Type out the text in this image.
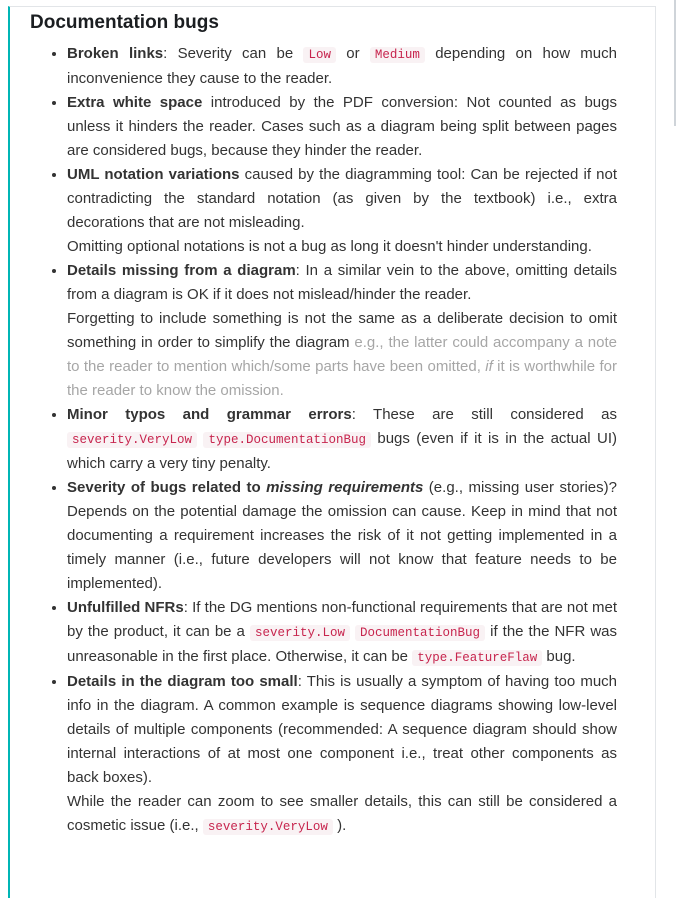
Documentation bugs
• Broken links: Severity can be Low or Medium depending on how much inconvenience they cause to the reader.
• Extra white space introduced by the PDF conversion: Not counted as bugs unless it hinders the reader. Cases such as a diagram being split between pages are considered bugs, because they hinder the reader.
• UML notation variations caused by the diagramming tool: Can be rejected if not contradicting the standard notation (as given by the textbook) i.e., extra decorations that are not misleading.
Omitting optional notations is not a bug as long it doesn't hinder understanding.
• Details missing from a diagram: In a similar vein to the above, omitting details from a diagram is OK if it does not mislead/hinder the reader.
Forgetting to include something is not the same as a deliberate decision to omit something in order to simplify the diagram e.g., the latter could accompany a note to the reader to mention which/some parts have been omitted, if it is worthwhile for the reader to know the omission.
• Minor typos and grammar errors: These are still considered as severity.VeryLow type.DocumentationBug bugs (even if it is in the actual UI) which carry a very tiny penalty.
• Severity of bugs related to missing requirements (e.g., missing user stories)? Depends on the potential damage the omission can cause. Keep in mind that not documenting a requirement increases the risk of it not getting implemented in a timely manner (i.e., future developers will not know that feature needs to be implemented).
• Unfulfilled NFRs: If the DG mentions non-functional requirements that are not met by the product, it can be a severity.Low DocumentationBug if the the NFR was unreasonable in the first place. Otherwise, it can be type.FeatureFlaw bug.
• Details in the diagram too small: This is usually a symptom of having too much info in the diagram. A common example is sequence diagrams showing low-level details of multiple components (recommended: A sequence diagram should show internal interactions of at most one component i.e., treat other components as back boxes).
While the reader can zoom to see smaller details, this can still be considered a cosmetic issue (i.e., severity.VeryLow ).
